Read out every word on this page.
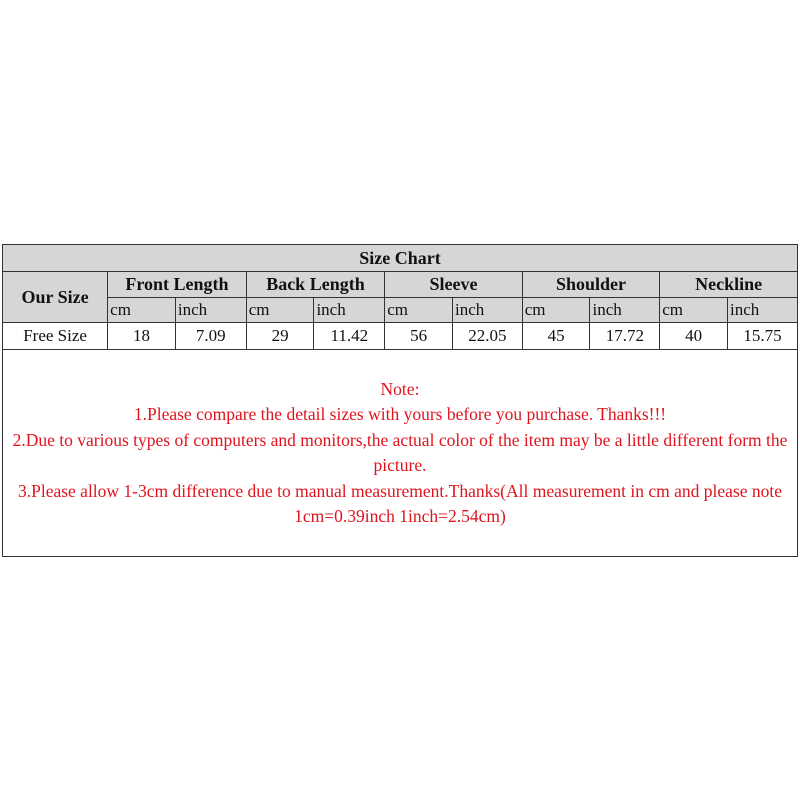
Size Chart										
Our Size	Front Length		Back Length		Sleeve		Shoulder		Neckline	
	cm	inch	cm	inch	cm	inch	cm	inch	cm	inch
Free Size	18	7.09	29	11.42	56	22.05	45	17.72	40	15.75

Note:
1.Please compare the detail sizes with yours before you purchase. Thanks!!!
2.Due to various types of computers and monitors,the actual color of the item may be a little different form the picture.
3.Please allow 1-3cm difference due to manual measurement.Thanks(All measurement in cm and please note 1cm=0.39inch 1inch=2.54cm)										
